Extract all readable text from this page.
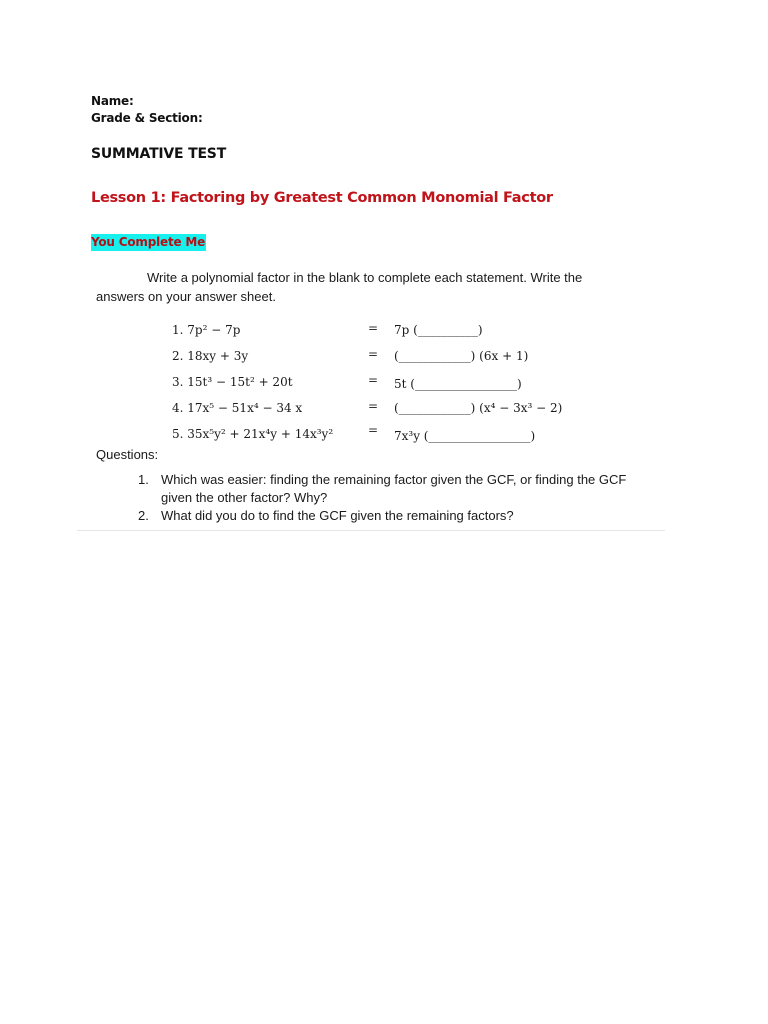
Name:
Grade & Section:
SUMMATIVE TEST
Lesson 1: Factoring by Greatest Common Monomial Factor
You Complete Me
Write a polynomial factor in the blank to complete each statement. Write the
answers on your answer sheet.
1. 7p² − 7p	= 7p (__________)
2. 18xy + 3y	= (____________) (6x + 1)
3. 15t³ − 15t² + 20t	= 5t (_________________)
4. 17x⁵ − 51x⁴ − 34 x	= (____________) (x⁴ − 3x³ − 2)
5. 35x⁵y² + 21x⁴y + 14x³y²	= 7x³y (_________________)
Questions:
1. Which was easier: finding the remaining factor given the GCF, or finding the GCF
given the other factor? Why?
2. What did you do to find the GCF given the remaining factors?
